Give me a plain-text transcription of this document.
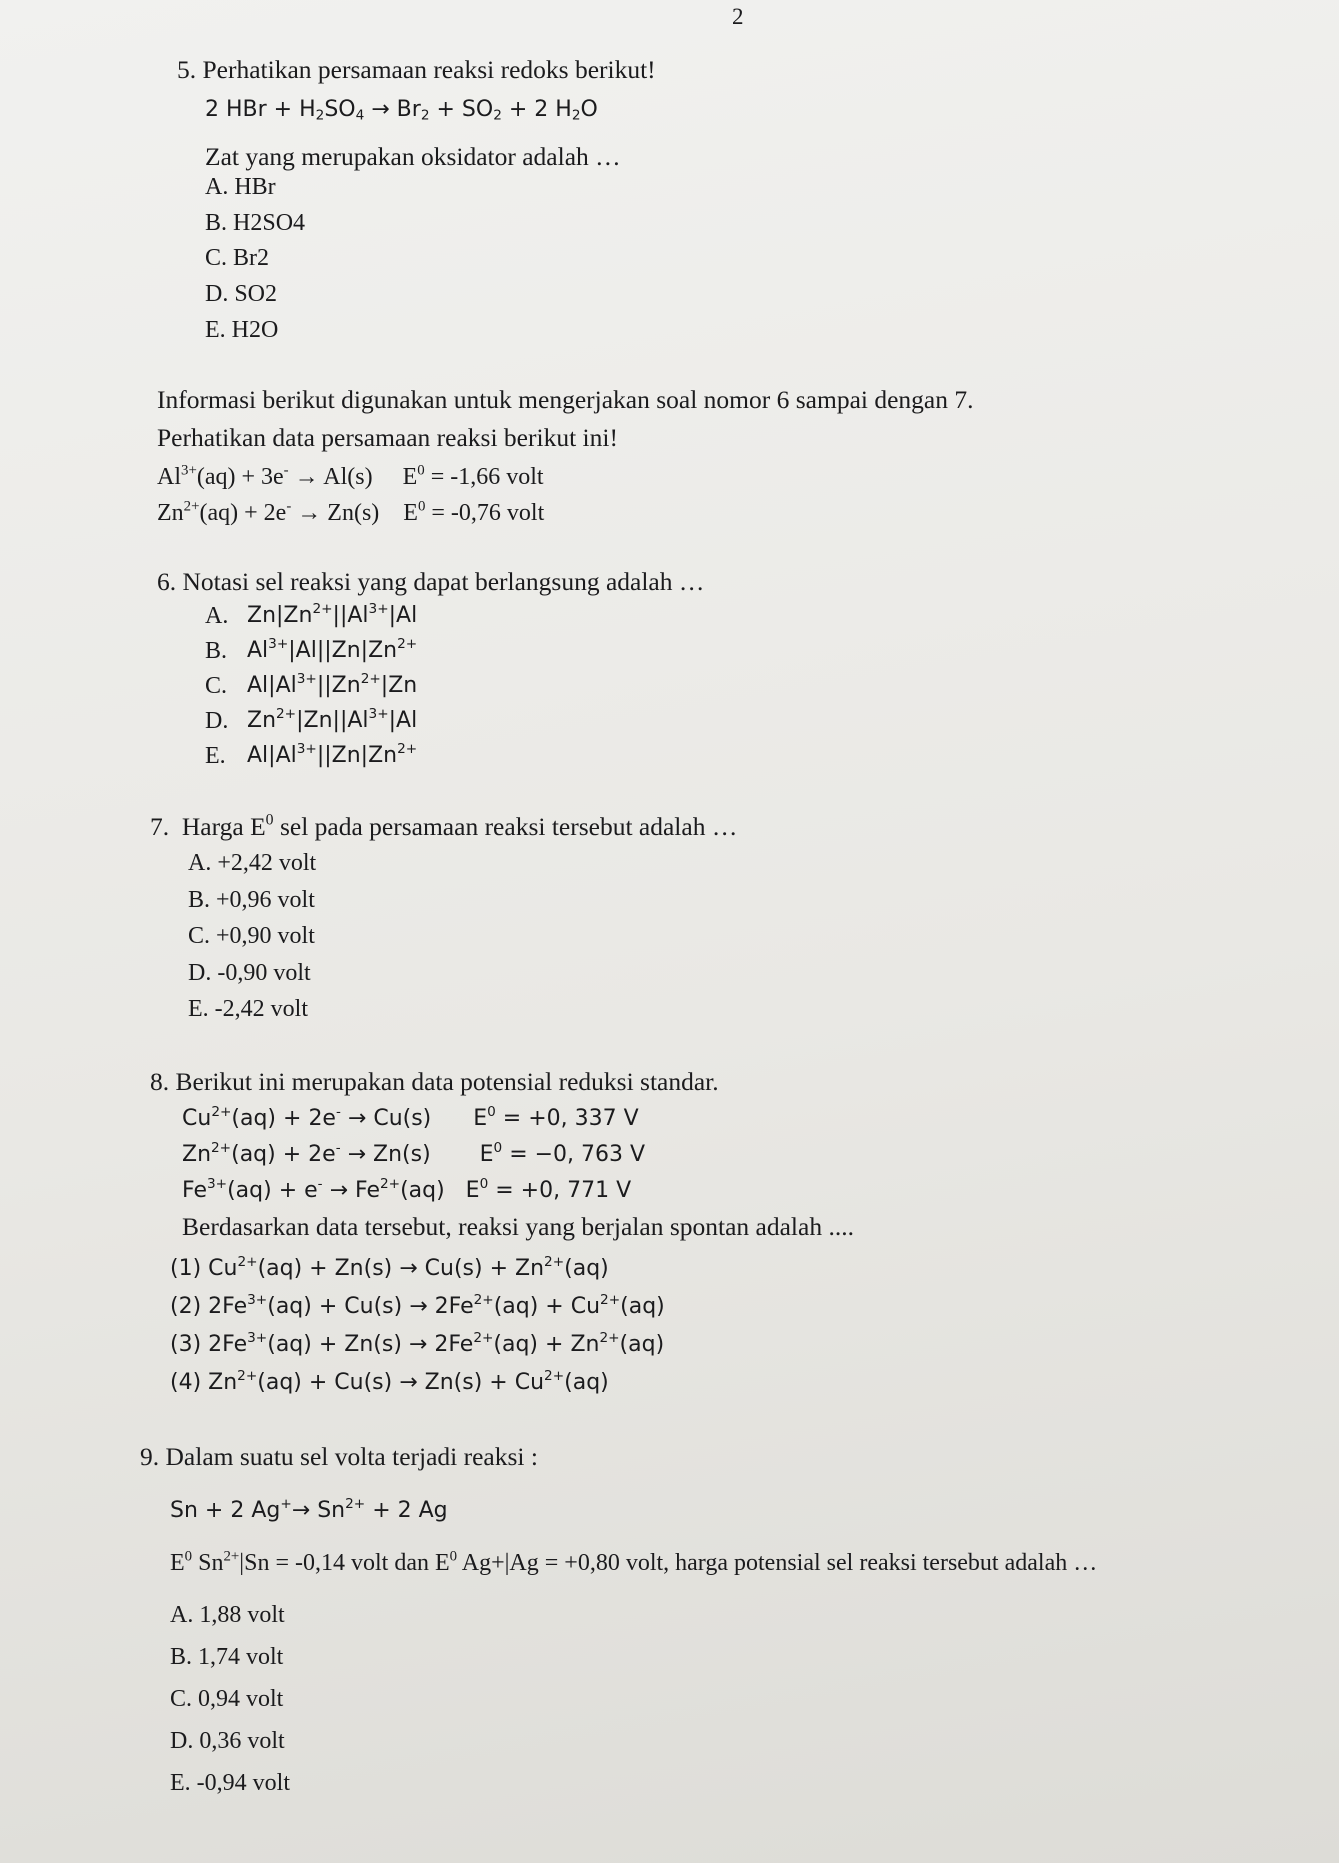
2
5. Perhatikan persamaan reaksi redoks berikut!
2 HBr + $H_2SO_4 \to Br_2 + SO_2 + 2$ $H_2O$
Zat yang merupakan oksidator adalah …
A. HBr
B. H2SO4
C. Br2
D. SO2
E. H2O
Informasi berikut digunakan untuk mengerjakan soal nomor 6 sampai dengan 7.
Perhatikan data persamaan reaksi berikut ini!
$Al^{3+}(aq) + 3e^- \to Al(s)$     $E^0 = -1,66$ volt
$Zn^{2+}(aq) + 2e^- \to Zn(s)$    $E^0 = -0,76$ volt
6. Notasi sel reaksi yang dapat berlangsung adalah …
A. $Zn|Zn^{2+}||Al^{3+}|Al$
B. $Al^{3+}|Al||Zn|Zn^{2+}$
C. $Al|Al^{3+}||Zn^{2+}|Zn$
D. $Zn^{2+}|Zn||Al^{3+}|Al$
E. $Al|Al^{3+}||Zn|Zn^{2+}$
7.  Harga $E^0$ sel pada persamaan reaksi tersebut adalah …
A. +2,42 volt
B. +0,96 volt
C. +0,90 volt
D. -0,90 volt
E. -2,42 volt
8. Berikut ini merupakan data potensial reduksi standar.
$Cu^{2+}(aq) + 2e^- \to Cu(s)$      $E^0 = +0$, 337 V
$Zn^{2+}(aq) + 2e^- \to Zn(s)$       $E^0 = -0$, 763 V
$Fe^{3+}(aq) + e^- \to Fe^{2+}(aq) E^0 = +0$, 771 V
Berdasarkan data tersebut, reaksi yang berjalan spontan adalah ....
(1) $Cu^{2+}(aq) + Zn(s) \to Cu(s) + Zn^{2+}(aq)$
(2) $2Fe^{3+}(aq) + Cu(s) \to 2Fe^{2+}(aq) + Cu^{2+}(aq)$
(3) $2Fe^{3+}(aq) + Zn(s) \to 2Fe^{2+}(aq) + Zn^{2+}(aq)$
(4) $Zn^{2+}(aq) + Cu(s) \to Zn(s) + Cu^{2+}(aq)$
9. Dalam suatu sel volta terjadi reaksi :
Sn + 2 $Ag^+\to Sn^{2+} + 2$ Ag
$E^0$ $Sn^{2+}|Sn = -0,14$ volt dan $E^0$ Ag+|Ag = +0,80 volt, harga potensial sel reaksi tersebut adalah …
A. 1,88 volt
B. 1,74 volt
C. 0,94 volt
D. 0,36 volt
E. -0,94 volt
